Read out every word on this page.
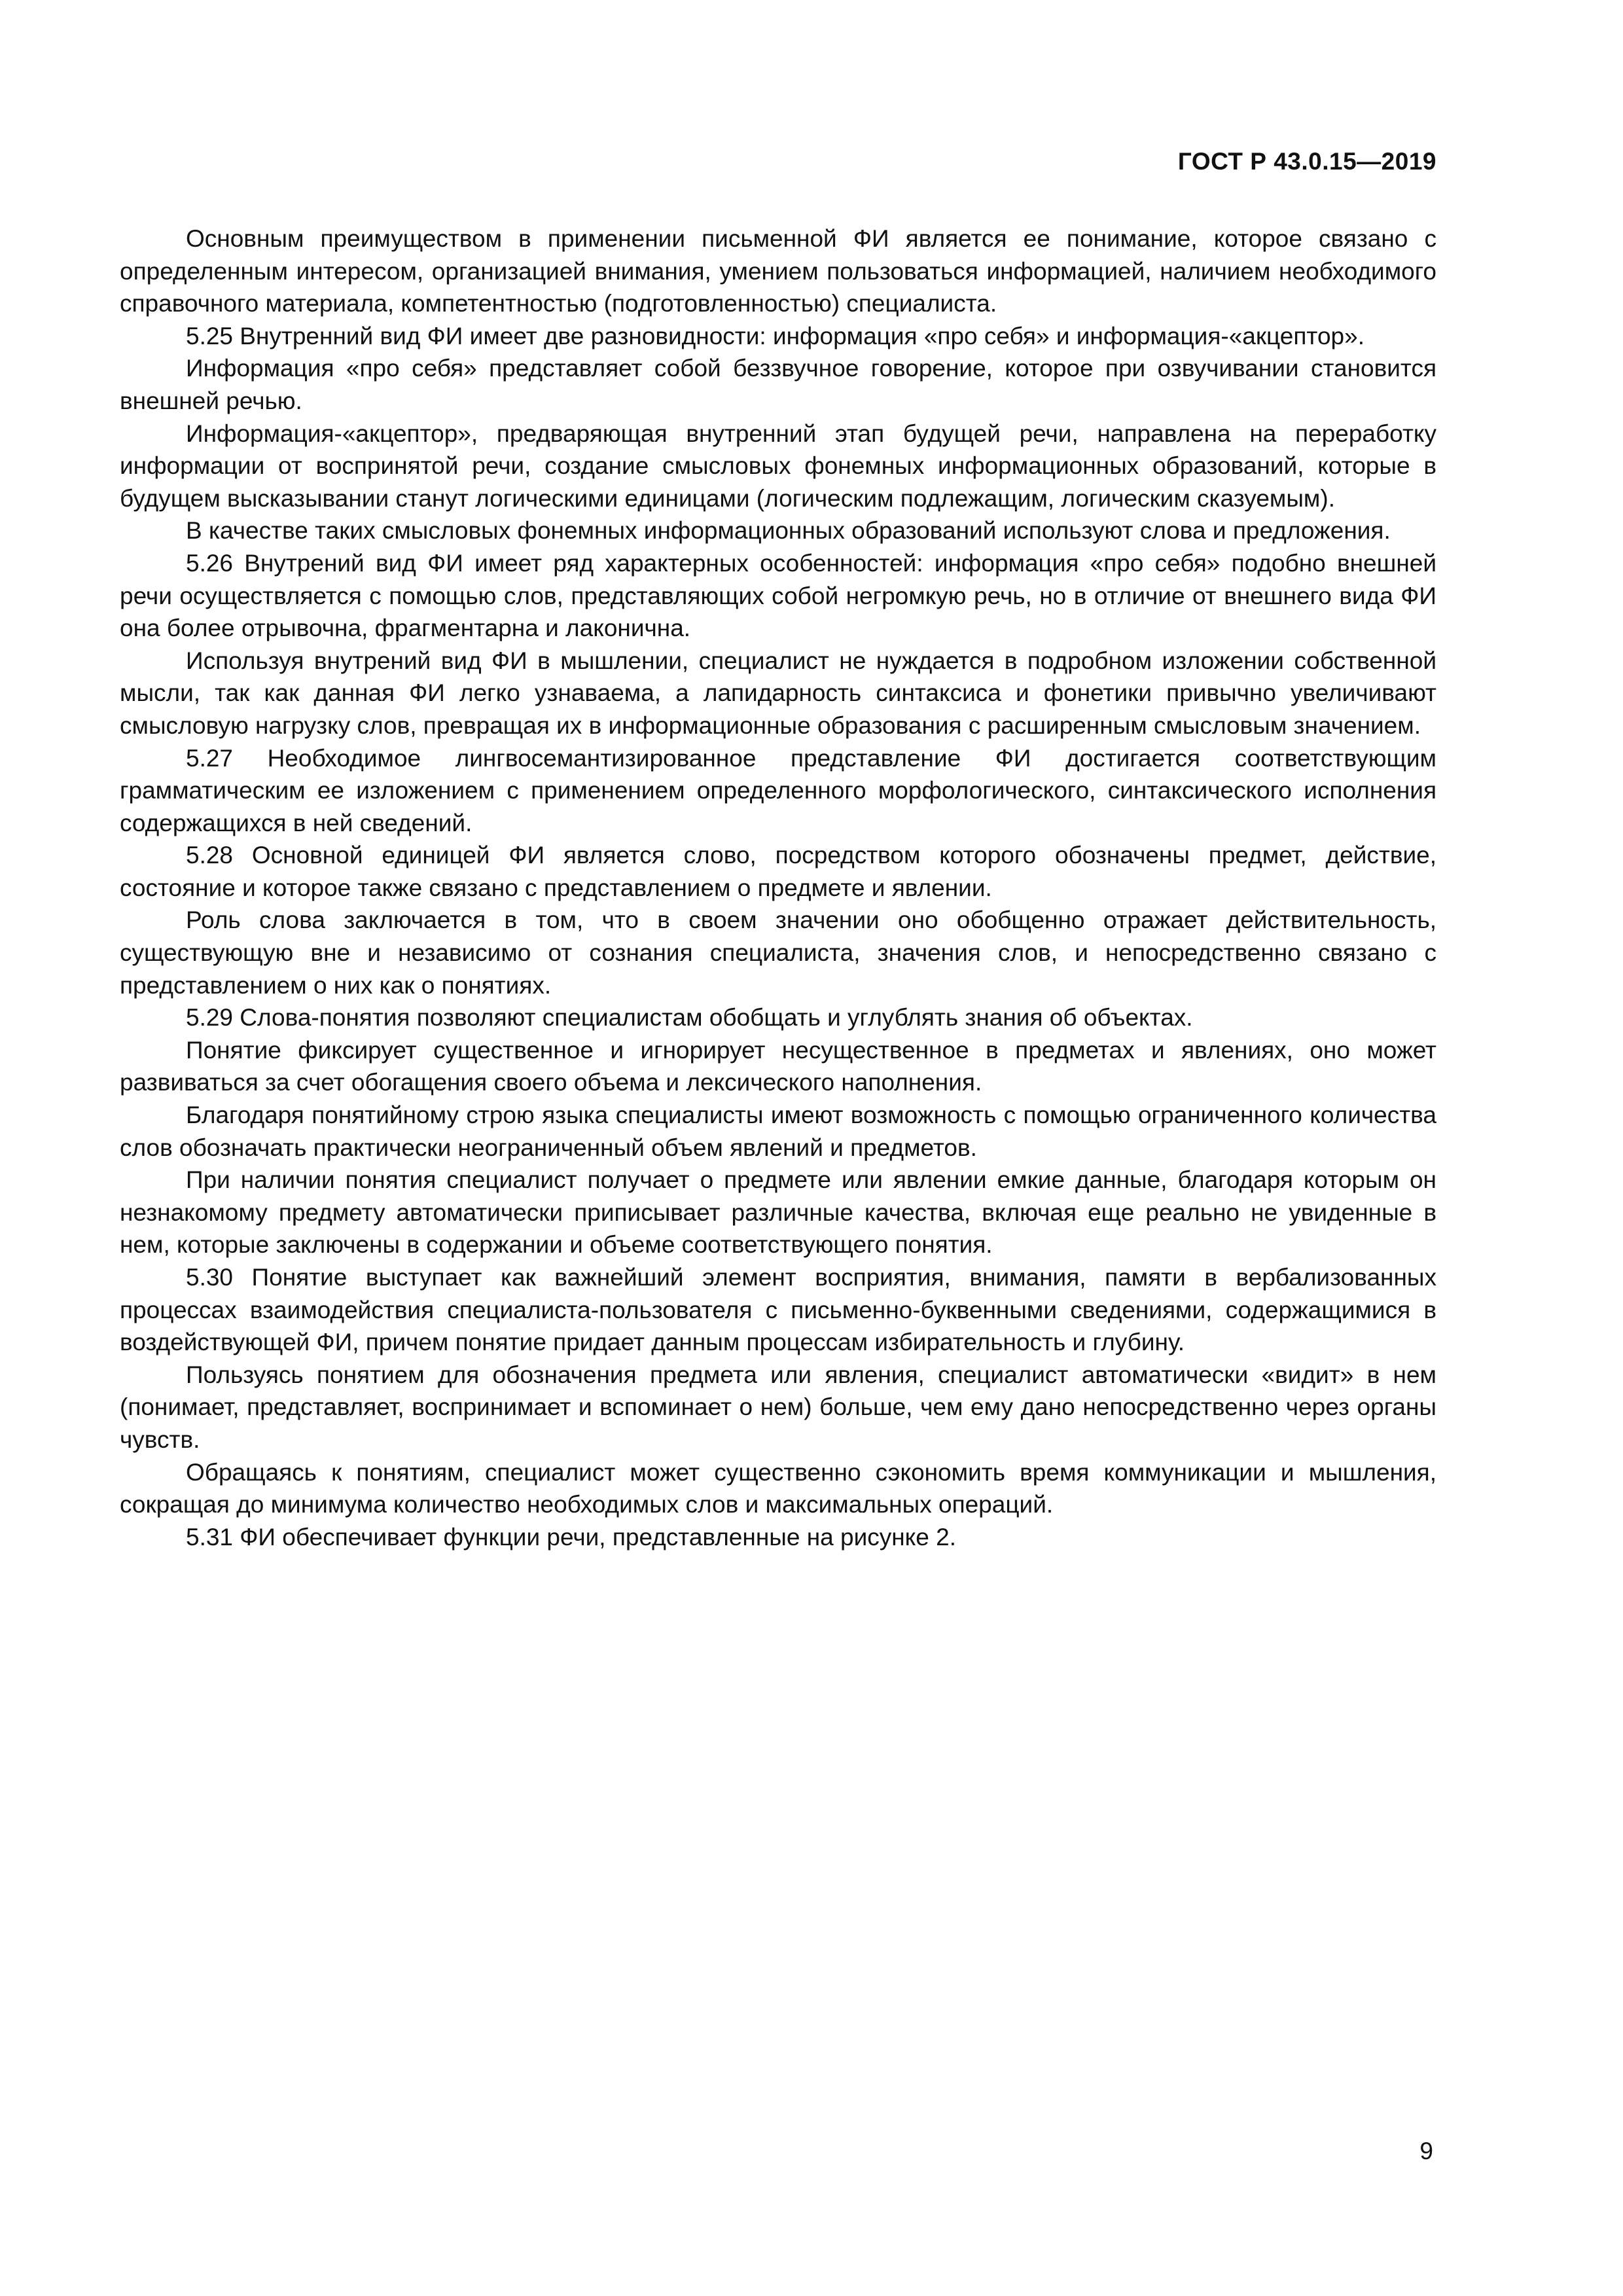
ГОСТ Р 43.0.15—2019

Основным преимуществом в применении письменной ФИ является ее понимание, которое связано с определенным интересом, организацией внимания, умением пользоваться информацией, наличием необходимого справочного материала, компетентностью (подготовленностью) специалиста.

5.25 Внутренний вид ФИ имеет две разновидности: информация «про себя» и информация-«акцептор».

Информация «про себя» представляет собой беззвучное говорение, которое при озвучивании становится внешней речью.

Информация-«акцептор», предваряющая внутренний этап будущей речи, направлена на переработку информации от воспринятой речи, создание смысловых фонемных информационных образований, которые в будущем высказывании станут логическими единицами (логическим подлежащим, логическим сказуемым).

В качестве таких смысловых фонемных информационных образований используют слова и предложения.

5.26 Внутрений вид ФИ имеет ряд характерных особенностей: информация «про себя» подобно внешней речи осуществляется с помощью слов, представляющих собой негромкую речь, но в отличие от внешнего вида ФИ она более отрывочна, фрагментарна и лаконична.

Используя внутрений вид ФИ в мышлении, специалист не нуждается в подробном изложении собственной мысли, так как данная ФИ легко узнаваема, а лапидарность синтаксиса и фонетики привычно увеличивают смысловую нагрузку слов, превращая их в информационные образования с расширенным смысловым значением.

5.27 Необходимое лингвосемантизированное представление ФИ достигается соответствующим грамматическим ее изложением с применением определенного морфологического, синтаксического исполнения содержащихся в ней сведений.

5.28 Основной единицей ФИ является слово, посредством которого обозначены предмет, действие, состояние и которое также связано с представлением о предмете и явлении.

Роль слова заключается в том, что в своем значении оно обобщенно отражает действительность, существующую вне и независимо от сознания специалиста, значения слов, и непосредственно связано с представлением о них как о понятиях.

5.29 Слова-понятия позволяют специалистам обобщать и углублять знания об объектах.

Понятие фиксирует существенное и игнорирует несущественное в предметах и явлениях, оно может развиваться за счет обогащения своего объема и лексического наполнения.

Благодаря понятийному строю языка специалисты имеют возможность с помощью ограниченного количества слов обозначать практически неограниченный объем явлений и предметов.

При наличии понятия специалист получает о предмете или явлении емкие данные, благодаря которым он незнакомому предмету автоматически приписывает различные качества, включая еще реально не увиденные в нем, которые заключены в содержании и объеме соответствующего понятия.

5.30 Понятие выступает как важнейший элемент восприятия, внимания, памяти в вербализованных процессах взаимодействия специалиста-пользователя с письменно-буквенными сведениями, содержащимися в воздействующей ФИ, причем понятие придает данным процессам избирательность и глубину.

Пользуясь понятием для обозначения предмета или явления, специалист автоматически «видит» в нем (понимает, представляет, воспринимает и вспоминает о нем) больше, чем ему дано непосредственно через органы чувств.

Обращаясь к понятиям, специалист может существенно сэкономить время коммуникации и мышления, сокращая до минимума количество необходимых слов и максимальных операций.

5.31 ФИ обеспечивает функции речи, представленные на рисунке 2.

9
